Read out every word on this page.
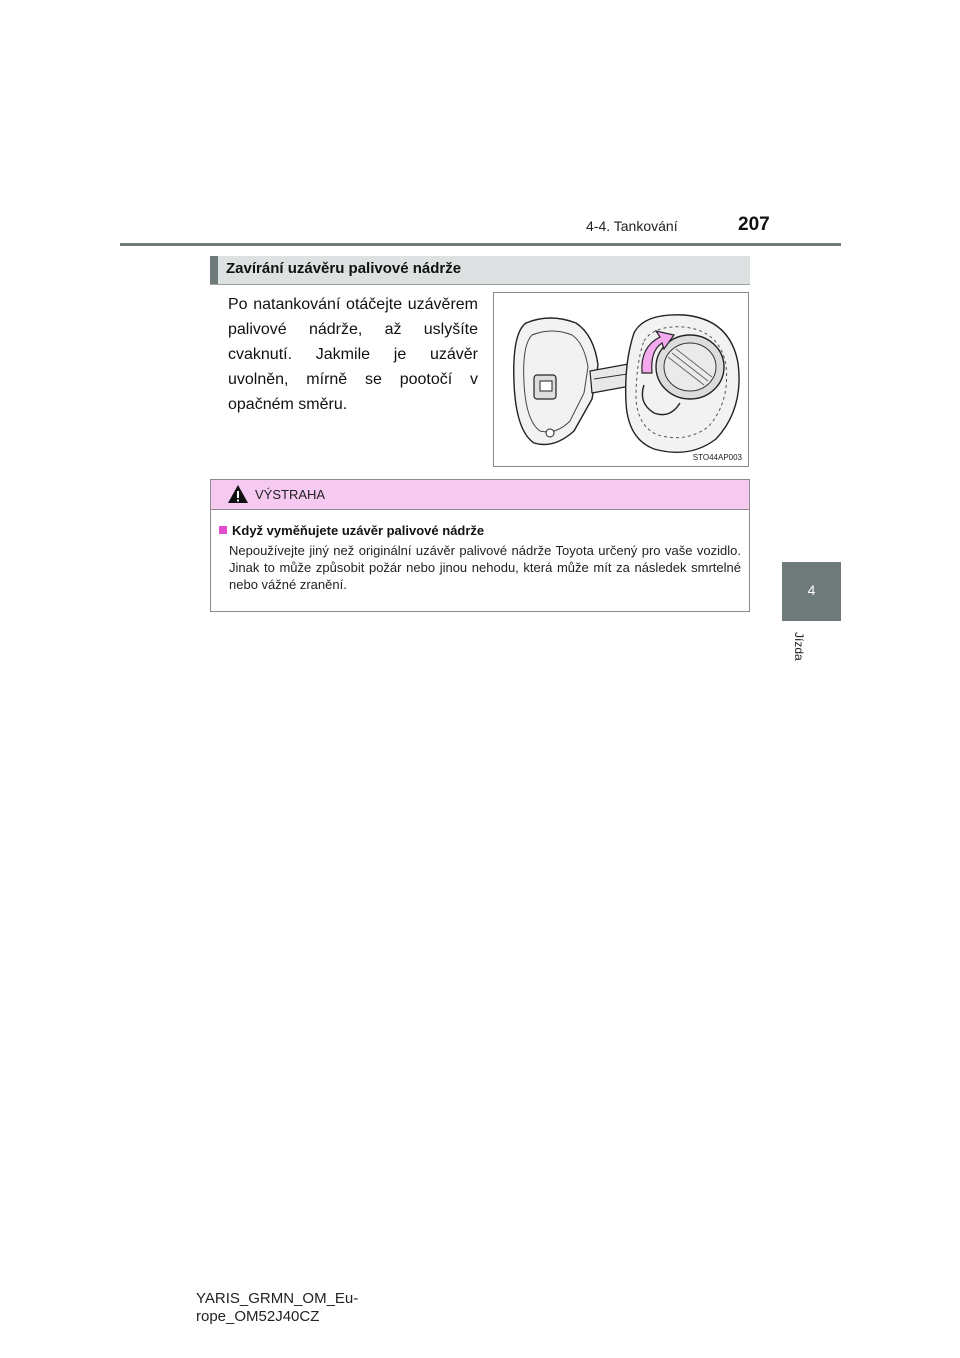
4-4. Tankování	207
4
Jízda
Zavírání uzávěru palivové nádrže
Po natankování otáčejte uzávěrem palivové nádrže, až uslyšíte cvaknutí. Jakmile je uzávěr uvolněn, mírně se pootočí v opačném směru.
STO44AP003
VÝSTRAHA
Když vyměňujete uzávěr palivové nádrže
Nepoužívejte jiný než originální uzávěr palivové nádrže Toyota určený pro vaše vozidlo. Jinak to může způsobit požár nebo jinou nehodu, která může mít za následek smrtelné nebo vážné zranění.
YARIS_GRMN_OM_Eu-
rope_OM52J40CZ
